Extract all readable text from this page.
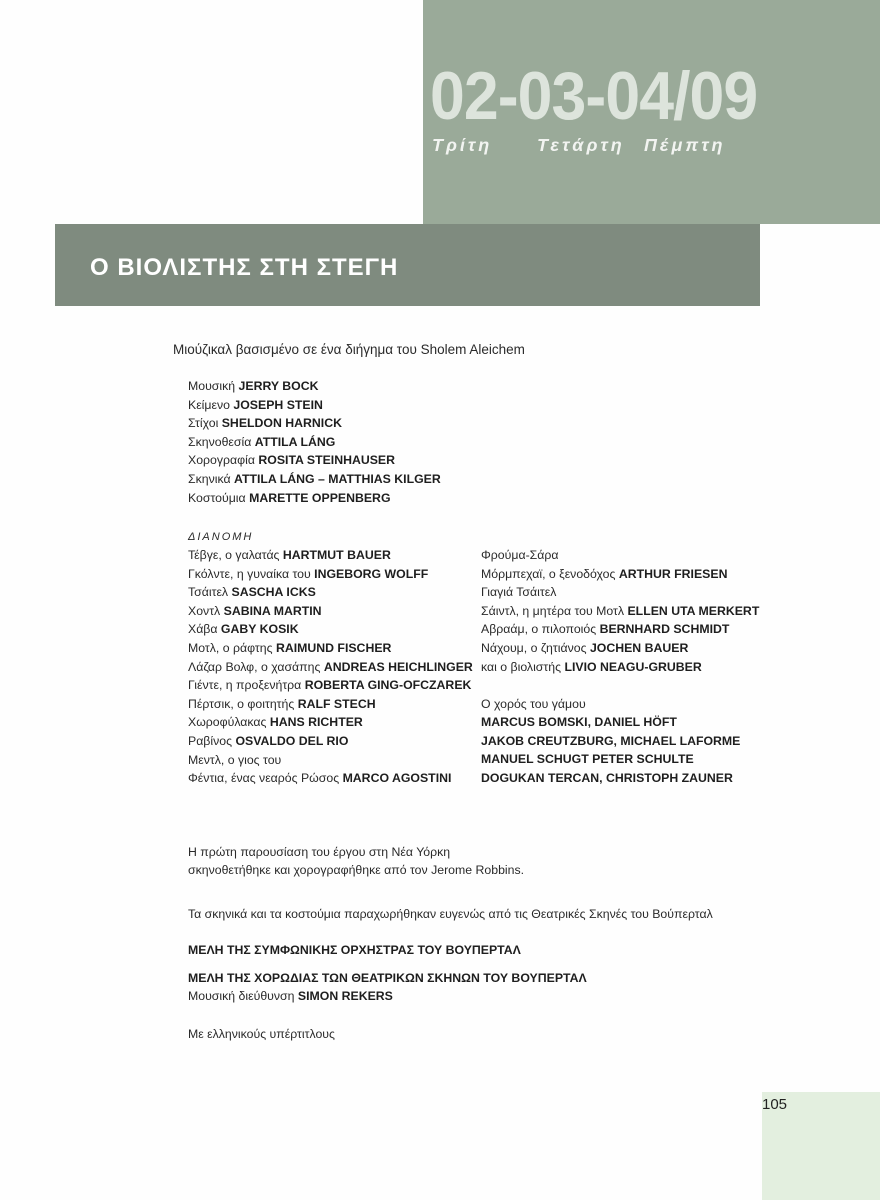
02-03-04/09
Τρίτη Τετάρτη Πέμπτη
Ο ΒΙΟΛΙΣΤΗΣ ΣΤΗ ΣΤΕΓΗ
105
Μιούζικαλ βασισμένο σε ένα διήγημα του Sholem Aleichem
Μουσική JERRY BOCK
Κείμενο JOSEPH STEIN
Στίχοι SHELDON HARNICK
Σκηνοθεσία ATTILA LÁNG
Χορογραφία ROSITA STEINHAUSER
Σκηνικά ATTILA LÁNG – MATTHIAS KILGER
Κοστούμια MARETTE OPPENBERG
ΔΙΑΝΟΜΗ
Τέβγε, ο γαλατάς HARTMUT BAUER
Γκόλντε, η γυναίκα του INGEBORG WOLFF
Τσάιτελ SASCHA ICKS
Χοντλ SABINA MARTIN
Χάβα GABY KOSIK
Μοτλ, ο ράφτης RAIMUND FISCHER
Λάζαρ Βολφ, ο χασάπης ANDREAS HEICHLINGER
Γιέντε, η προξενήτρα ROBERTA GING-OFCZAREK
Πέρτσικ, ο φοιτητής RALF STECH
Χωροφύλακας HANS RICHTER
Ραβίνος OSVALDO DEL RIO
Μεντλ, ο γιος του
Φέντια, ένας νεαρός Ρώσος MARCO AGOSTINI
Φρούμα-Σάρα
Μόρμπεχαϊ, ο ξενοδόχος ARTHUR FRIESEN
Γιαγιά Τσάιτελ
Σάιντλ, η μητέρα του Μοτλ ELLEN UTA MERKERT
Αβραάμ, ο πιλοποιός BERNHARD SCHMIDT
Νάχουμ, ο ζητιάνος JOCHEN BAUER
και ο βιολιστής LIVIO NEAGU-GRUBER
Ο χορός του γάμου
MARCUS BOMSKI, DANIEL HÖFT
JAKOB CREUTZBURG, MICHAEL LAFORME
MANUEL SCHUGT PETER SCHULTE
DOGUKAN TERCAN, CHRISTOPH ZAUNER
Η πρώτη παρουσίαση του έργου στη Νέα Υόρκη
σκηνοθετήθηκε και χορογραφήθηκε από τον Jerome Robbins.
Τα σκηνικά και τα κοστούμια παραχωρήθηκαν ευγενώς από τις Θεατρικές Σκηνές του Βούπερταλ
ΜΕΛΗ ΤΗΣ ΣΥΜΦΩΝΙΚΗΣ ΟΡΧΗΣΤΡΑΣ ΤΟΥ ΒΟΥΠΕΡΤΑΛ
ΜΕΛΗ ΤΗΣ ΧΟΡΩΔΙΑΣ ΤΩΝ ΘΕΑΤΡΙΚΩΝ ΣΚΗΝΩΝ ΤΟΥ ΒΟΥΠΕΡΤΑΛ
Μουσική διεύθυνση SIMON REKERS
Με ελληνικούς υπέρτιτλους
